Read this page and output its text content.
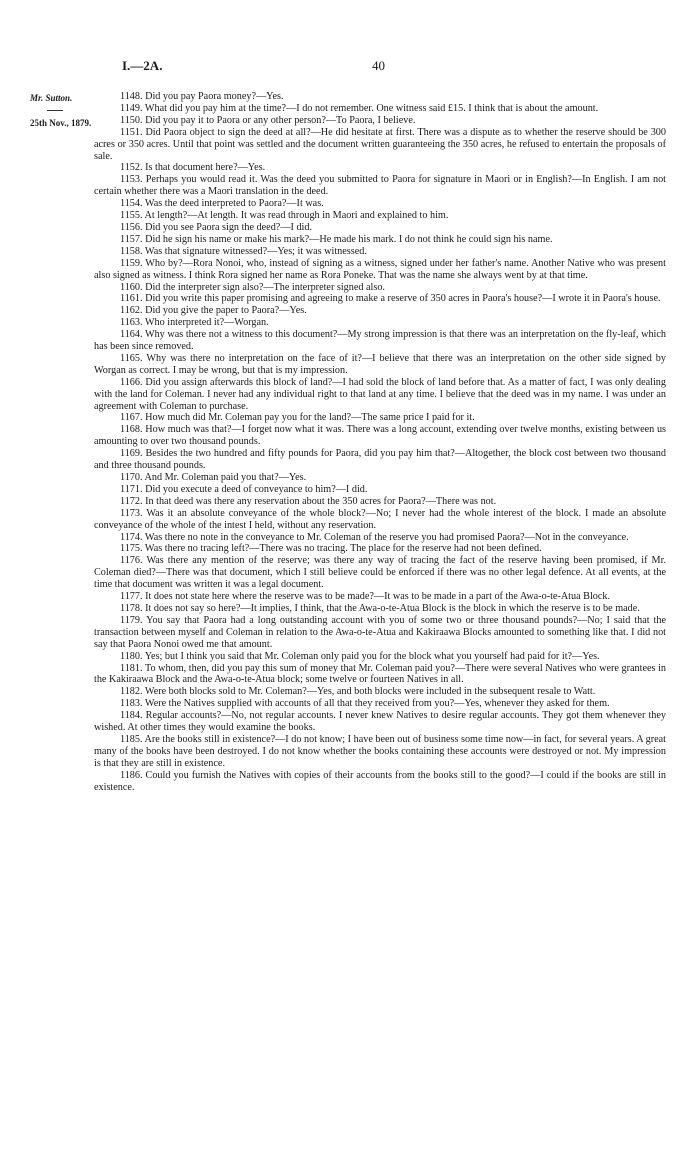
I.—2A.	40
Mr. Sutton.
25th Nov., 1879.

1148. Did you pay Paora money?—Yes.

1149. What did you pay him at the time?—I do not remember. One witness said £15. I think that is about the amount.

1150. Did you pay it to Paora or any other person?—To Paora, I believe.

1151. Did Paora object to sign the deed at all?—He did hesitate at first. There was a dispute as to whether the reserve should be 300 acres or 350 acres. Until that point was settled and the document written guaranteeing the 350 acres, he refused to entertain the proposals of sale.

1152. Is that document here?—Yes.

1153. Perhaps you would read it. Was the deed you submitted to Paora for signature in Maori or in English?—In English. I am not certain whether there was a Maori translation in the deed.

1154. Was the deed interpreted to Paora?—It was.

1155. At length?—At length. It was read through in Maori and explained to him.

1156. Did you see Paora sign the deed?—I did.

1157. Did he sign his name or make his mark?—He made his mark. I do not think he could sign his name.

1158. Was that signature witnessed?—Yes; it was witnessed.

1159. Who by?—Rora Nonoi, who, instead of signing as a witness, signed under her father's name. Another Native who was present also signed as witness. I think Rora signed her name as Rora Poneke. That was the name she always went by at that time.

1160. Did the interpreter sign also?—The interpreter signed also.

1161. Did you write this paper promising and agreeing to make a reserve of 350 acres in Paora's house?—I wrote it in Paora's house.

1162. Did you give the paper to Paora?—Yes.

1163. Who interpreted it?—Worgan.

1164. Why was there not a witness to this document?—My strong impression is that there was an interpretation on the fly-leaf, which has been since removed.

1165. Why was there no interpretation on the face of it?—I believe that there was an interpretation on the other side signed by Worgan as correct. I may be wrong, but that is my impression.

1166. Did you assign afterwards this block of land?—I had sold the block of land before that. As a matter of fact, I was only dealing with the land for Coleman. I never had any individual right to that land at any time. I believe that the deed was in my name. I was under an agreement with Coleman to purchase.

1167. How much did Mr. Coleman pay you for the land?—The same price I paid for it.

1168. How much was that?—I forget now what it was. There was a long account, extending over twelve months, existing between us amounting to over two thousand pounds.

1169. Besides the two hundred and fifty pounds for Paora, did you pay him that?—Altogether, the block cost between two thousand and three thousand pounds.

1170. And Mr. Coleman paid you that?—Yes.

1171. Did you execute a deed of conveyance to him?—I did.

1172. In that deed was there any reservation about the 350 acres for Paora?—There was not.

1173. Was it an absolute conveyance of the whole block?—No; I never had the whole interest of the block. I made an absolute conveyance of the whole of the intest I held, without any reservation.

1174. Was there no note in the conveyance to Mr. Coleman of the reserve you had promised Paora?—Not in the conveyance.

1175. Was there no tracing left?—There was no tracing. The place for the reserve had not been defined.

1176. Was there any mention of the reserve; was there any way of tracing the fact of the reserve having been promised, if Mr. Coleman died?—There was that document, which I still believe could be enforced if there was no other legal defence. At all events, at the time that document was written it was a legal document.

1177. It does not state here where the reserve was to be made?—It was to be made in a part of the Awa-o-te-Atua Block.

1178. It does not say so here?—It implies, I think, that the Awa-o-te-Atua Block is the block in which the reserve is to be made.

1179. You say that Paora had a long outstanding account with you of some two or three thousand pounds?—No; I said that the transaction between myself and Coleman in relation to the Awa-o-te-Atua and Kakiraawa Blocks amounted to something like that. I did not say that Paora Nonoi owed me that amount.

1180. Yes; but I think you said that Mr. Coleman only paid you for the block what you yourself had paid for it?—Yes.

1181. To whom, then, did you pay this sum of money that Mr. Coleman paid you?—There were several Natives who were grantees in the Kakiraawa Block and the Awa-o-te-Atua block; some twelve or fourteen Natives in all.

1182. Were both blocks sold to Mr. Coleman?—Yes, and both blocks were included in the subsequent resale to Watt.

1183. Were the Natives supplied with accounts of all that they received from you?—Yes, whenever they asked for them.

1184. Regular accounts?—No, not regular accounts. I never knew Natives to desire regular accounts. They got them whenever they wished. At other times they would examine the books.

1185. Are the books still in existence?—I do not know; I have been out of business some time now—in fact, for several years. A great many of the books have been destroyed. I do not know whether the books containing these accounts were destroyed or not. My impression is that they are still in existence.

1186. Could you furnish the Natives with copies of their accounts from the books still to the good?—I could if the books are still in existence.
